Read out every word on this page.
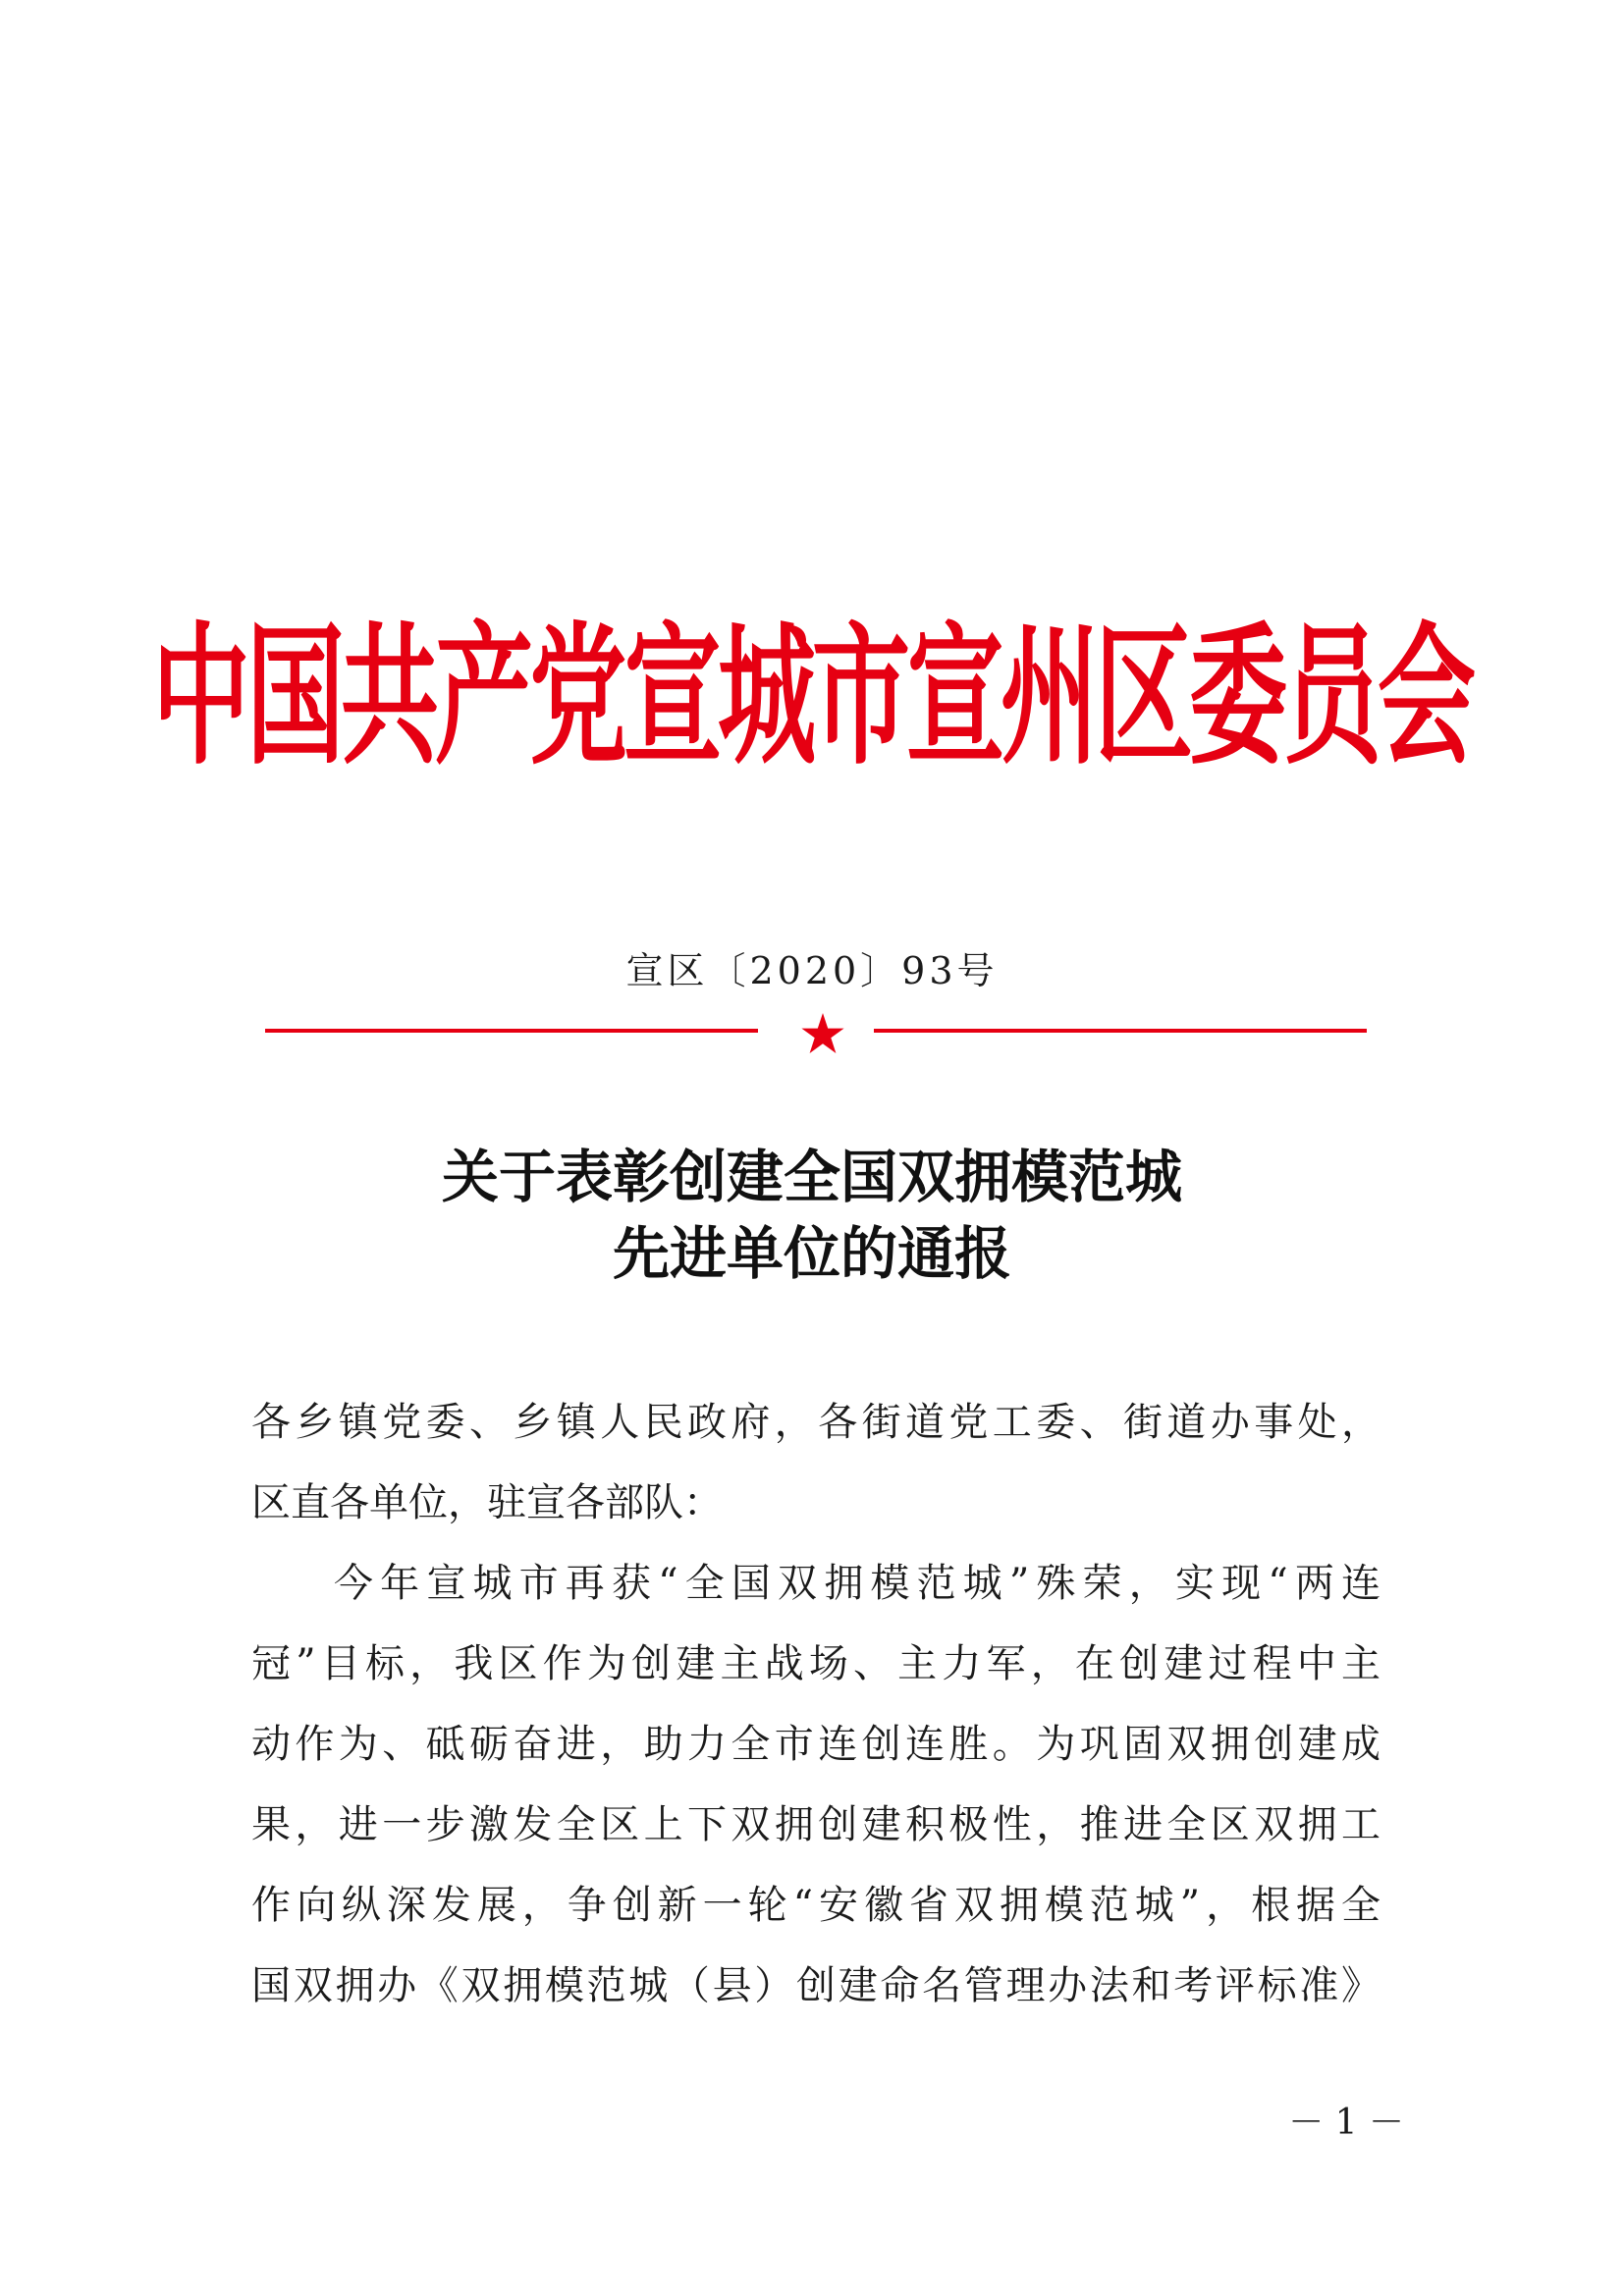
中国共产党宣城市宣州区委员会
宣区〔2020〕93号
关于表彰创建全国双拥模范城
先进单位的通报
各乡镇党委、乡镇人民政府，各街道党工委、街道办事处，
区直各单位，驻宣各部队：
今年宣城市再获“全国双拥模范城”殊荣，实现“两连
冠”目标，我区作为创建主战场、主力军，在创建过程中主
动作为、砥砺奋进，助力全市连创连胜。为巩固双拥创建成
果，进一步激发全区上下双拥创建积极性，推进全区双拥工
作向纵深发展，争创新一轮“安徽省双拥模范城”，根据全
国双拥办《双拥模范城（县）创建命名管理办法和考评标准》
－ 1 －
